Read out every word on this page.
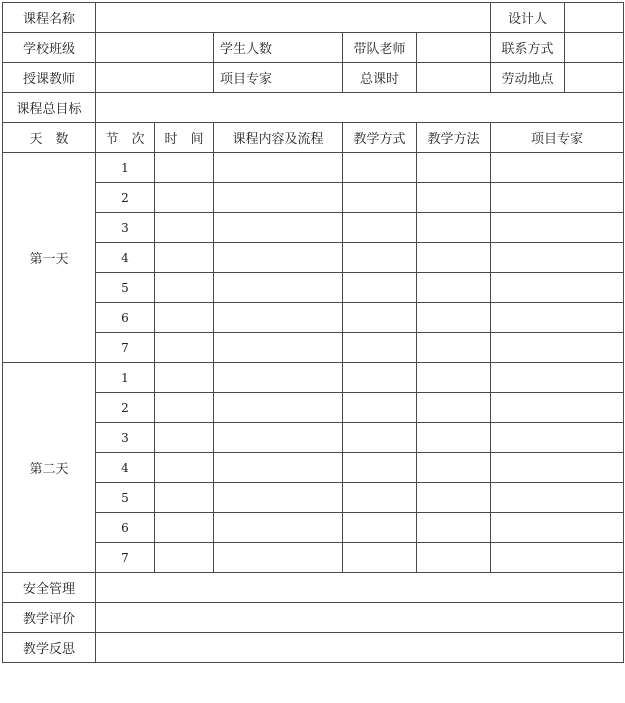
课程名称						设计人	
学校班级			学生人数	带队老师		联系方式	
授课教师			项目专家	总课时		劳动地点	
课程总目标							
天　数	节　次	时　间	课程内容及流程	教学方式	教学方法	项目专家	
第一天	1						
	2						
	3						
	4						
	5						
	6						
	7						
第二天	1						
	2						
	3						
	4						
	5						
	6						
	7						
安全管理							
教学评价							
教学反思							
